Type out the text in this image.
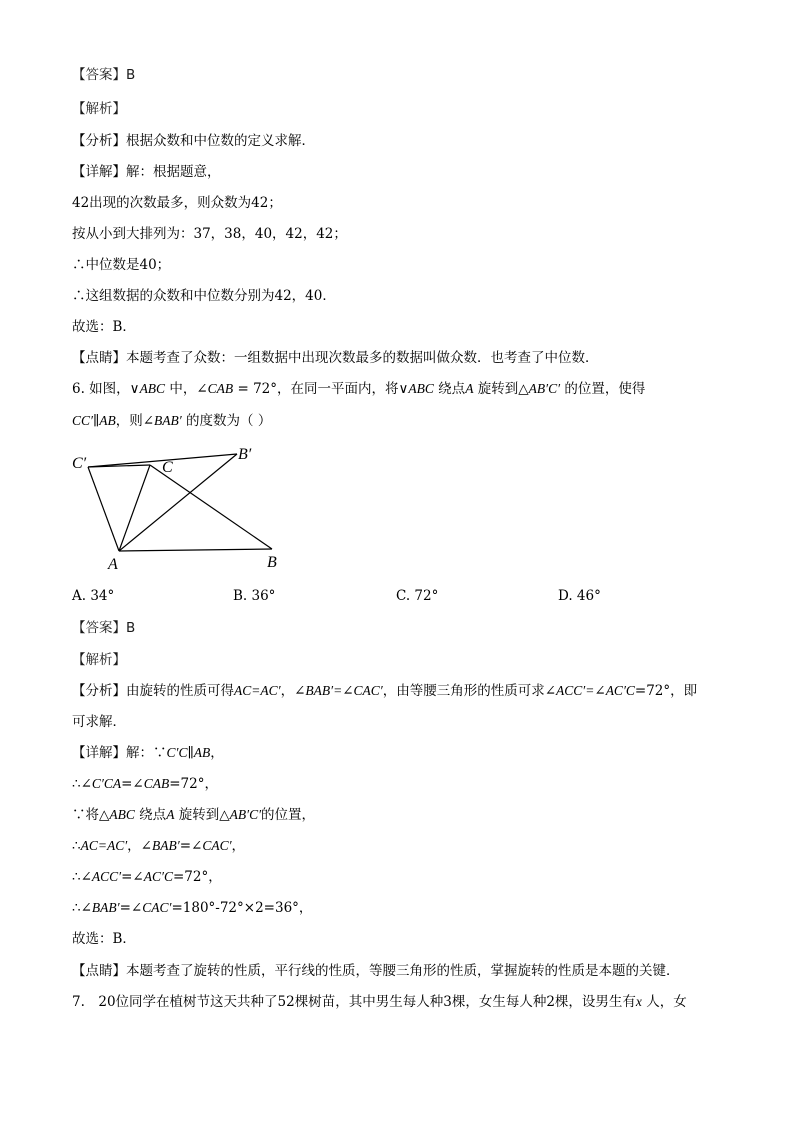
【答案】B
【解析】
【分析】根据众数和中位数的定义求解．
【详解】解：根据题意，
42出现的次数最多，则众数为42；
按从小到大排列为：37，38，40，42，42；
∴中位数是40；
∴这组数据的众数和中位数分别为42，40．
故选：B．
【点睛】本题考查了众数：一组数据中出现次数最多的数据叫做众数．也考查了中位数．
6. 如图，∨ABC 中，∠CAB = 72°，在同一平面内，将∨ABC 绕点A 旋转到△AB′C′ 的位置，使得
CC′∥AB，则∠BAB′ 的度数为（ ）
C′	C
B′
A	B
A. 34°	B. 36°	C. 72°	D. 46°
【答案】B
【解析】
【分析】由旋转的性质可得AC=AC′，∠BAB′=∠CAC′，由等腰三角形的性质可求∠ACC′=∠AC′C=72°，即
可求解．
【详解】解：∵C′C∥AB，
∴∠C′CA=∠CAB=72°，
∵将△ABC 绕点A 旋转到△AB′C′的位置，
∴AC=AC′，∠BAB′=∠CAC′，
∴∠ACC′=∠AC′C=72°，
∴∠BAB′=∠CAC′=180°-72°×2=36°，
故选：B．
【点睛】本题考查了旋转的性质，平行线的性质，等腰三角形的性质，掌握旋转的性质是本题的关键．
7.　20位同学在植树节这天共种了52棵树苗，其中男生每人种3棵，女生每人种2棵，设男生有x 人，女
